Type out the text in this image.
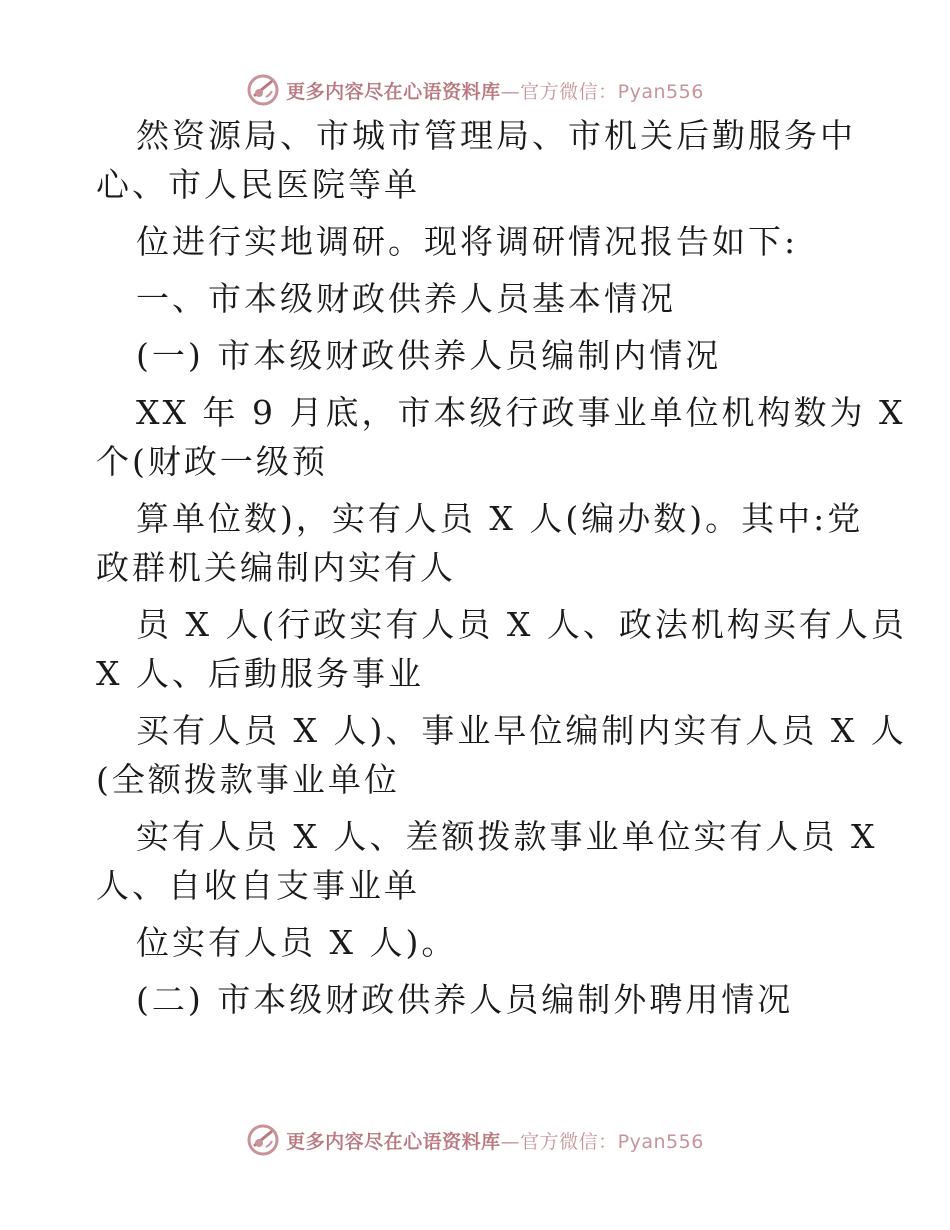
更多内容尽在心语资料库—官方微信：Pyan556
然资源局、市城市管理局、市机关后勤服务中
心、市人民医院等单
位进行实地调研。现将调研情况报告如下:
一、市本级财政供养人员基本情况
(一) 市本级财政供养人员编制内情况
XX 年 9 月底，市本级行政事业单位机构数为 X
个(财政一级预
算单位数)，实有人员 X 人(编办数)。其中:党
政群机关编制内实有人
员 X 人(行政实有人员 X 人、政法机构买有人员
X 人、后動服务事业
买有人员 X 人)、事业早位编制内实有人员 X 人
(全额拨款事业单位
实有人员 X 人、差额拨款事业单位实有人员 X
人、自收自支事业单
位实有人员 X 人)。
(二) 市本级财政供养人员编制外聘用情况
更多内容尽在心语资料库—官方微信：Pyan556
